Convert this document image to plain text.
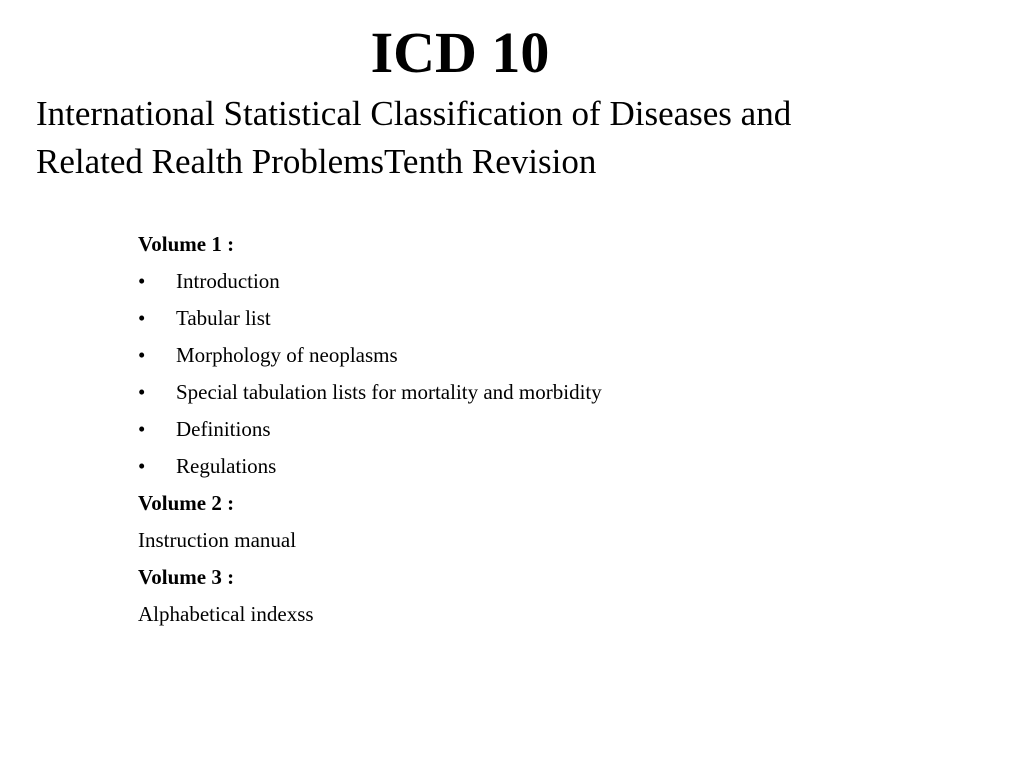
ICD 10

International Statistical Classification of Diseases and
Related Realth ProblemsTenth Revision

Volume 1 :
•	Introduction
•	Tabular list
•	Morphology of neoplasms
•	Special tabulation lists for mortality and morbidity
•	Definitions
•	Regulations
Volume 2 :
Instruction manual
Volume 3 :
Alphabetical indexss
